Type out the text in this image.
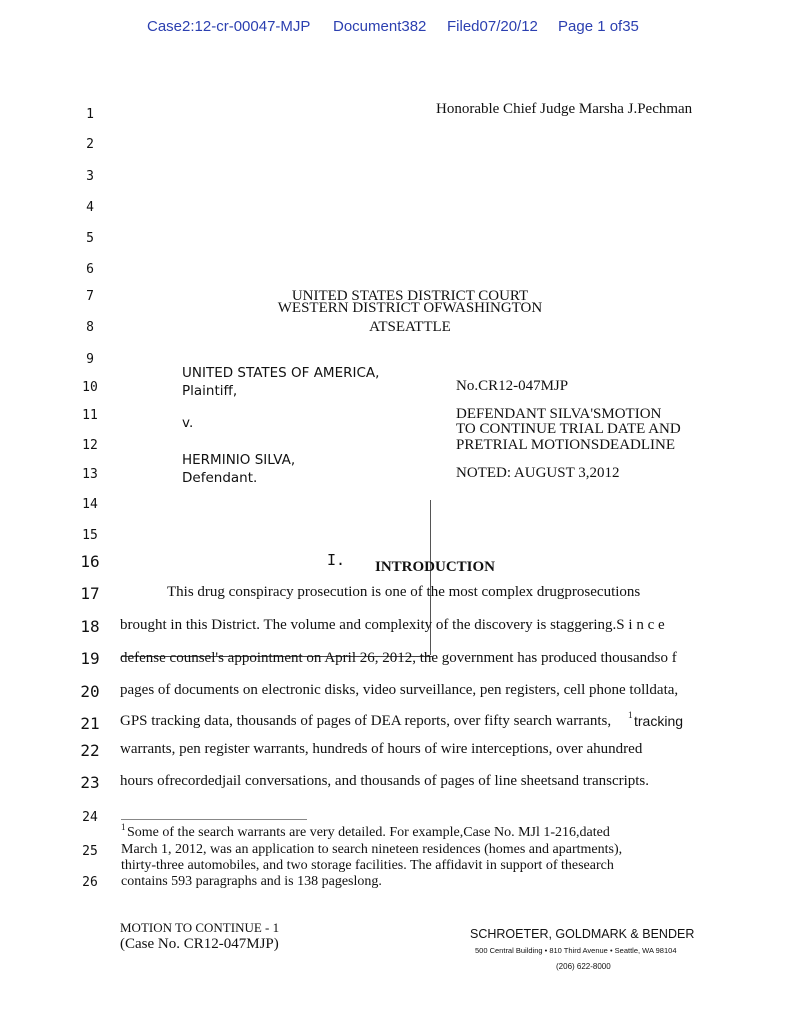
Case2:12-cr-00047-MJP Document382 Filed07/20/12 Page 1 of35
Honorable Chief Judge Marsha J.Pechman
1
2
3
4
5
6
7
8
9
10
11
12
13
14
15
16
17
18
19
20
21
22
23
24
25
26
UNITED STATES DISTRICT COURT
WESTERN DISTRICT OFWASHINGTON
ATSEATTLE
UNITED STATES OF AMERICA,
Plaintiff,
v.
HERMINIO SILVA,
Defendant.
No.CR12-047MJP
DEFENDANT SILVA'SMOTION
TO CONTINUE TRIAL DATE AND
PRETRIAL MOTIONSDEADLINE
NOTED: AUGUST 3,2012
I. INTRODUCTION
This drug conspiracy prosecution is one of the most complex drugprosecutions
brought in this District. The volume and complexity of the discovery is staggering.S i n c e
defense counsel's appointment on April 26, 2012, the government has produced thousandso f
pages of documents on electronic disks, video surveillance, pen registers, cell phone tolldata,
GPS tracking data, thousands of pages of DEA reports, over fifty search warrants, 1 tracking
warrants, pen register warrants, hundreds of hours of wire interceptions, over ahundred
hours ofrecordedjail conversations, and thousands of pages of line sheetsand transcripts.
1 Some of the search warrants are very detailed. For example,Case No. MJl 1-216,dated
March 1, 2012, was an application to search nineteen residences (homes and apartments),
thirty-three automobiles, and two storage facilities. The affidavit in support of thesearch
contains 593 paragraphs and is 138 pageslong.
MOTION TO CONTINUE - 1
(Case No. CR12-047MJP)
SCHROETER, GOLDMARK & BENDER
500 Central Building • 810 Third Avenue • Seattle, WA 98104
(206) 622-8000
